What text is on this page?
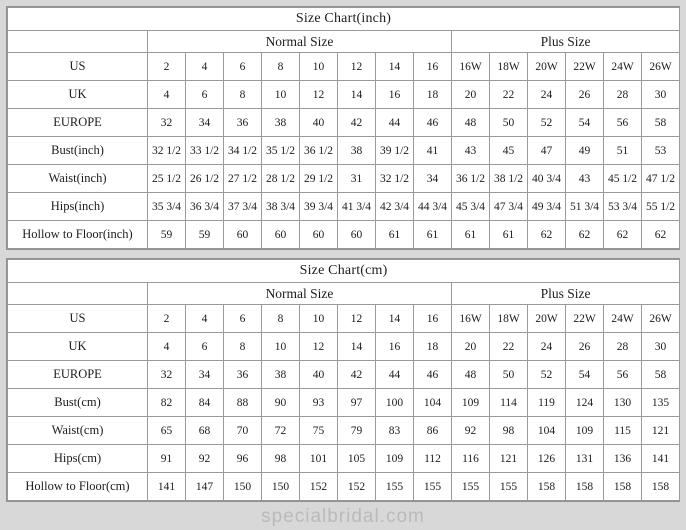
Size Chart(inch)														
	Normal Size								Plus Size					
US	2	4	6	8	10	12	14	16	16W	18W	20W	22W	24W	26W
UK	4	6	8	10	12	14	16	18	20	22	24	26	28	30
EUROPE	32	34	36	38	40	42	44	46	48	50	52	54	56	58
Bust(inch)	32 1/2	33 1/2	34 1/2	35 1/2	36 1/2	38	39 1/2	41	43	45	47	49	51	53
Waist(inch)	25 1/2	26 1/2	27 1/2	28 1/2	29 1/2	31	32 1/2	34	36 1/2	38 1/2	40 3/4	43	45 1/2	47 1/2
Hips(inch)	35 3/4	36 3/4	37 3/4	38 3/4	39 3/4	41 3/4	42 3/4	44 3/4	45 3/4	47 3/4	49 3/4	51 3/4	53 3/4	55 1/2
Hollow to Floor(inch)	59	59	60	60	60	60	61	61	61	61	62	62	62	62
Size Chart(cm)														
	Normal Size								Plus Size					
US	2	4	6	8	10	12	14	16	16W	18W	20W	22W	24W	26W
UK	4	6	8	10	12	14	16	18	20	22	24	26	28	30
EUROPE	32	34	36	38	40	42	44	46	48	50	52	54	56	58
Bust(cm)	82	84	88	90	93	97	100	104	109	114	119	124	130	135
Waist(cm)	65	68	70	72	75	79	83	86	92	98	104	109	115	121
Hips(cm)	91	92	96	98	101	105	109	112	116	121	126	131	136	141
Hollow to Floor(cm)	141	147	150	150	152	152	155	155	155	155	158	158	158	158
specialbridal.com
